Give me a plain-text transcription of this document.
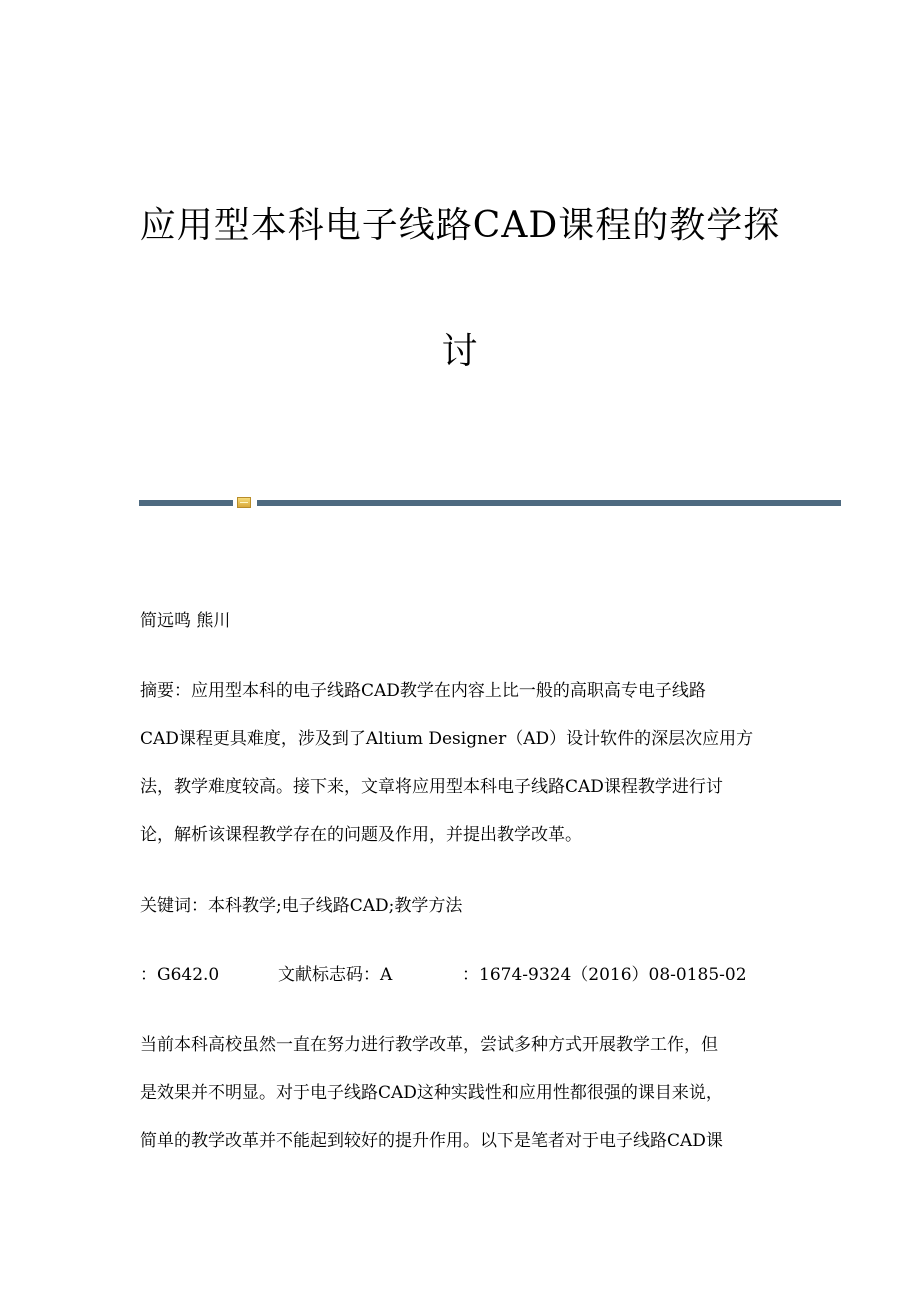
应用型本科电子线路CAD课程的教学探
讨
简远鸣 熊川
摘要：应用型本科的电子线路CAD教学在内容上比一般的高职高专电子线路
CAD课程更具难度，涉及到了Altium Designer（AD）设计软件的深层次应用方
法，教学难度较高。接下来，文章将应用型本科电子线路CAD课程教学进行讨
论，解析该课程教学存在的问题及作用，并提出教学改革。
关键词：本科教学;电子线路CAD;教学方法
：G642.0	文献标志码：A	：1674-9324（2016）08-0185-02
当前本科高校虽然一直在努力进行教学改革，尝试多种方式开展教学工作，但
是效果并不明显。对于电子线路CAD这种实践性和应用性都很强的课目来说，
简单的教学改革并不能起到较好的提升作用。以下是笔者对于电子线路CAD课
